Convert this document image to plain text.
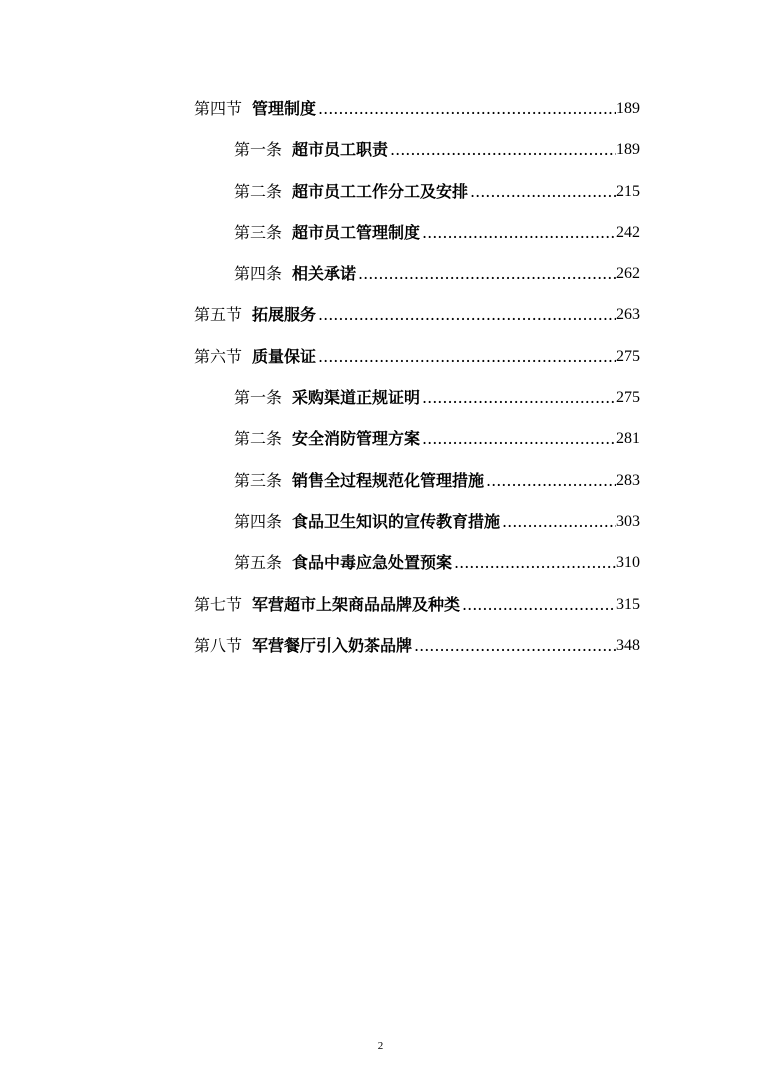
第四节 管理制度 .....	189
第一条 超市员工职责 .....	189
第二条 超市员工工作分工及安排 .....	215
第三条 超市员工管理制度 .....	242
第四条 相关承诺 .....	262
第五节 拓展服务 .....	263
第六节 质量保证 .....	275
第一条 采购渠道正规证明 .....	275
第二条 安全消防管理方案 .....	281
第三条 销售全过程规范化管理措施 .....	283
第四条 食品卫生知识的宣传教育措施 .....	303
第五条 食品中毒应急处置预案 .....	310
第七节 军营超市上架商品品牌及种类 .....	315
第八节 军营餐厅引入奶茶品牌 .....	348
2
